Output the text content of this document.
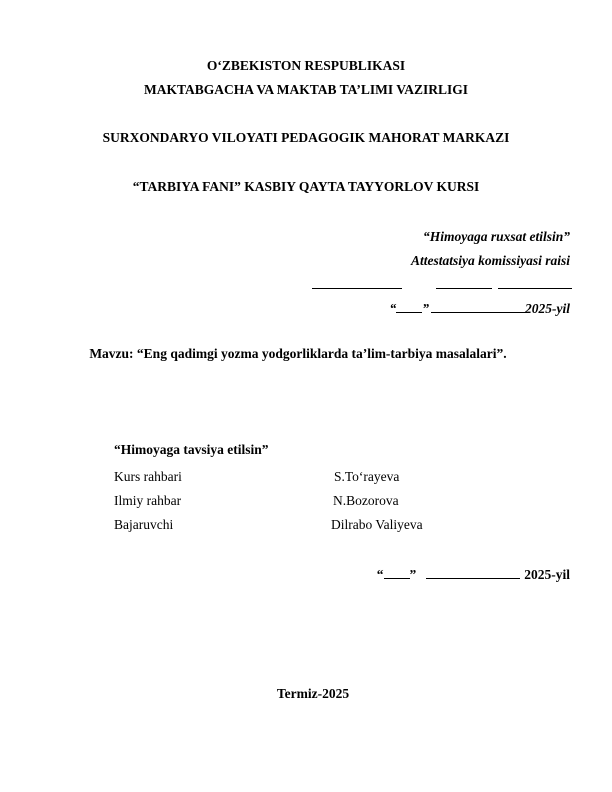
O‘ZBEKISTON RESPUBLIKASI
MAKTABGACHA VA MAKTAB TA’LIMI VAZIRLIGI
SURXONDARYO VILOYATI PEDAGOGIK MAHORAT MARKAZI
“TARBIYA FANI” KASBIY QAYTA TAYYORLOV KURSI
“Himoyaga ruxsat etilsin”
Attestatsiya komissiyasi raisi
“ ”	2025-yil
Mavzu: “Eng qadimgi yozma yodgorliklarda ta’lim-tarbiya masalalari”.
“Himoyaga tavsiya etilsin”
Kurs rahbari	S.To‘rayeva
Ilmiy rahbar	N.Bozorova
Bajaruvchi	Dilrabo Valiyeva
“ ”	2025-yil
Termiz-2025
